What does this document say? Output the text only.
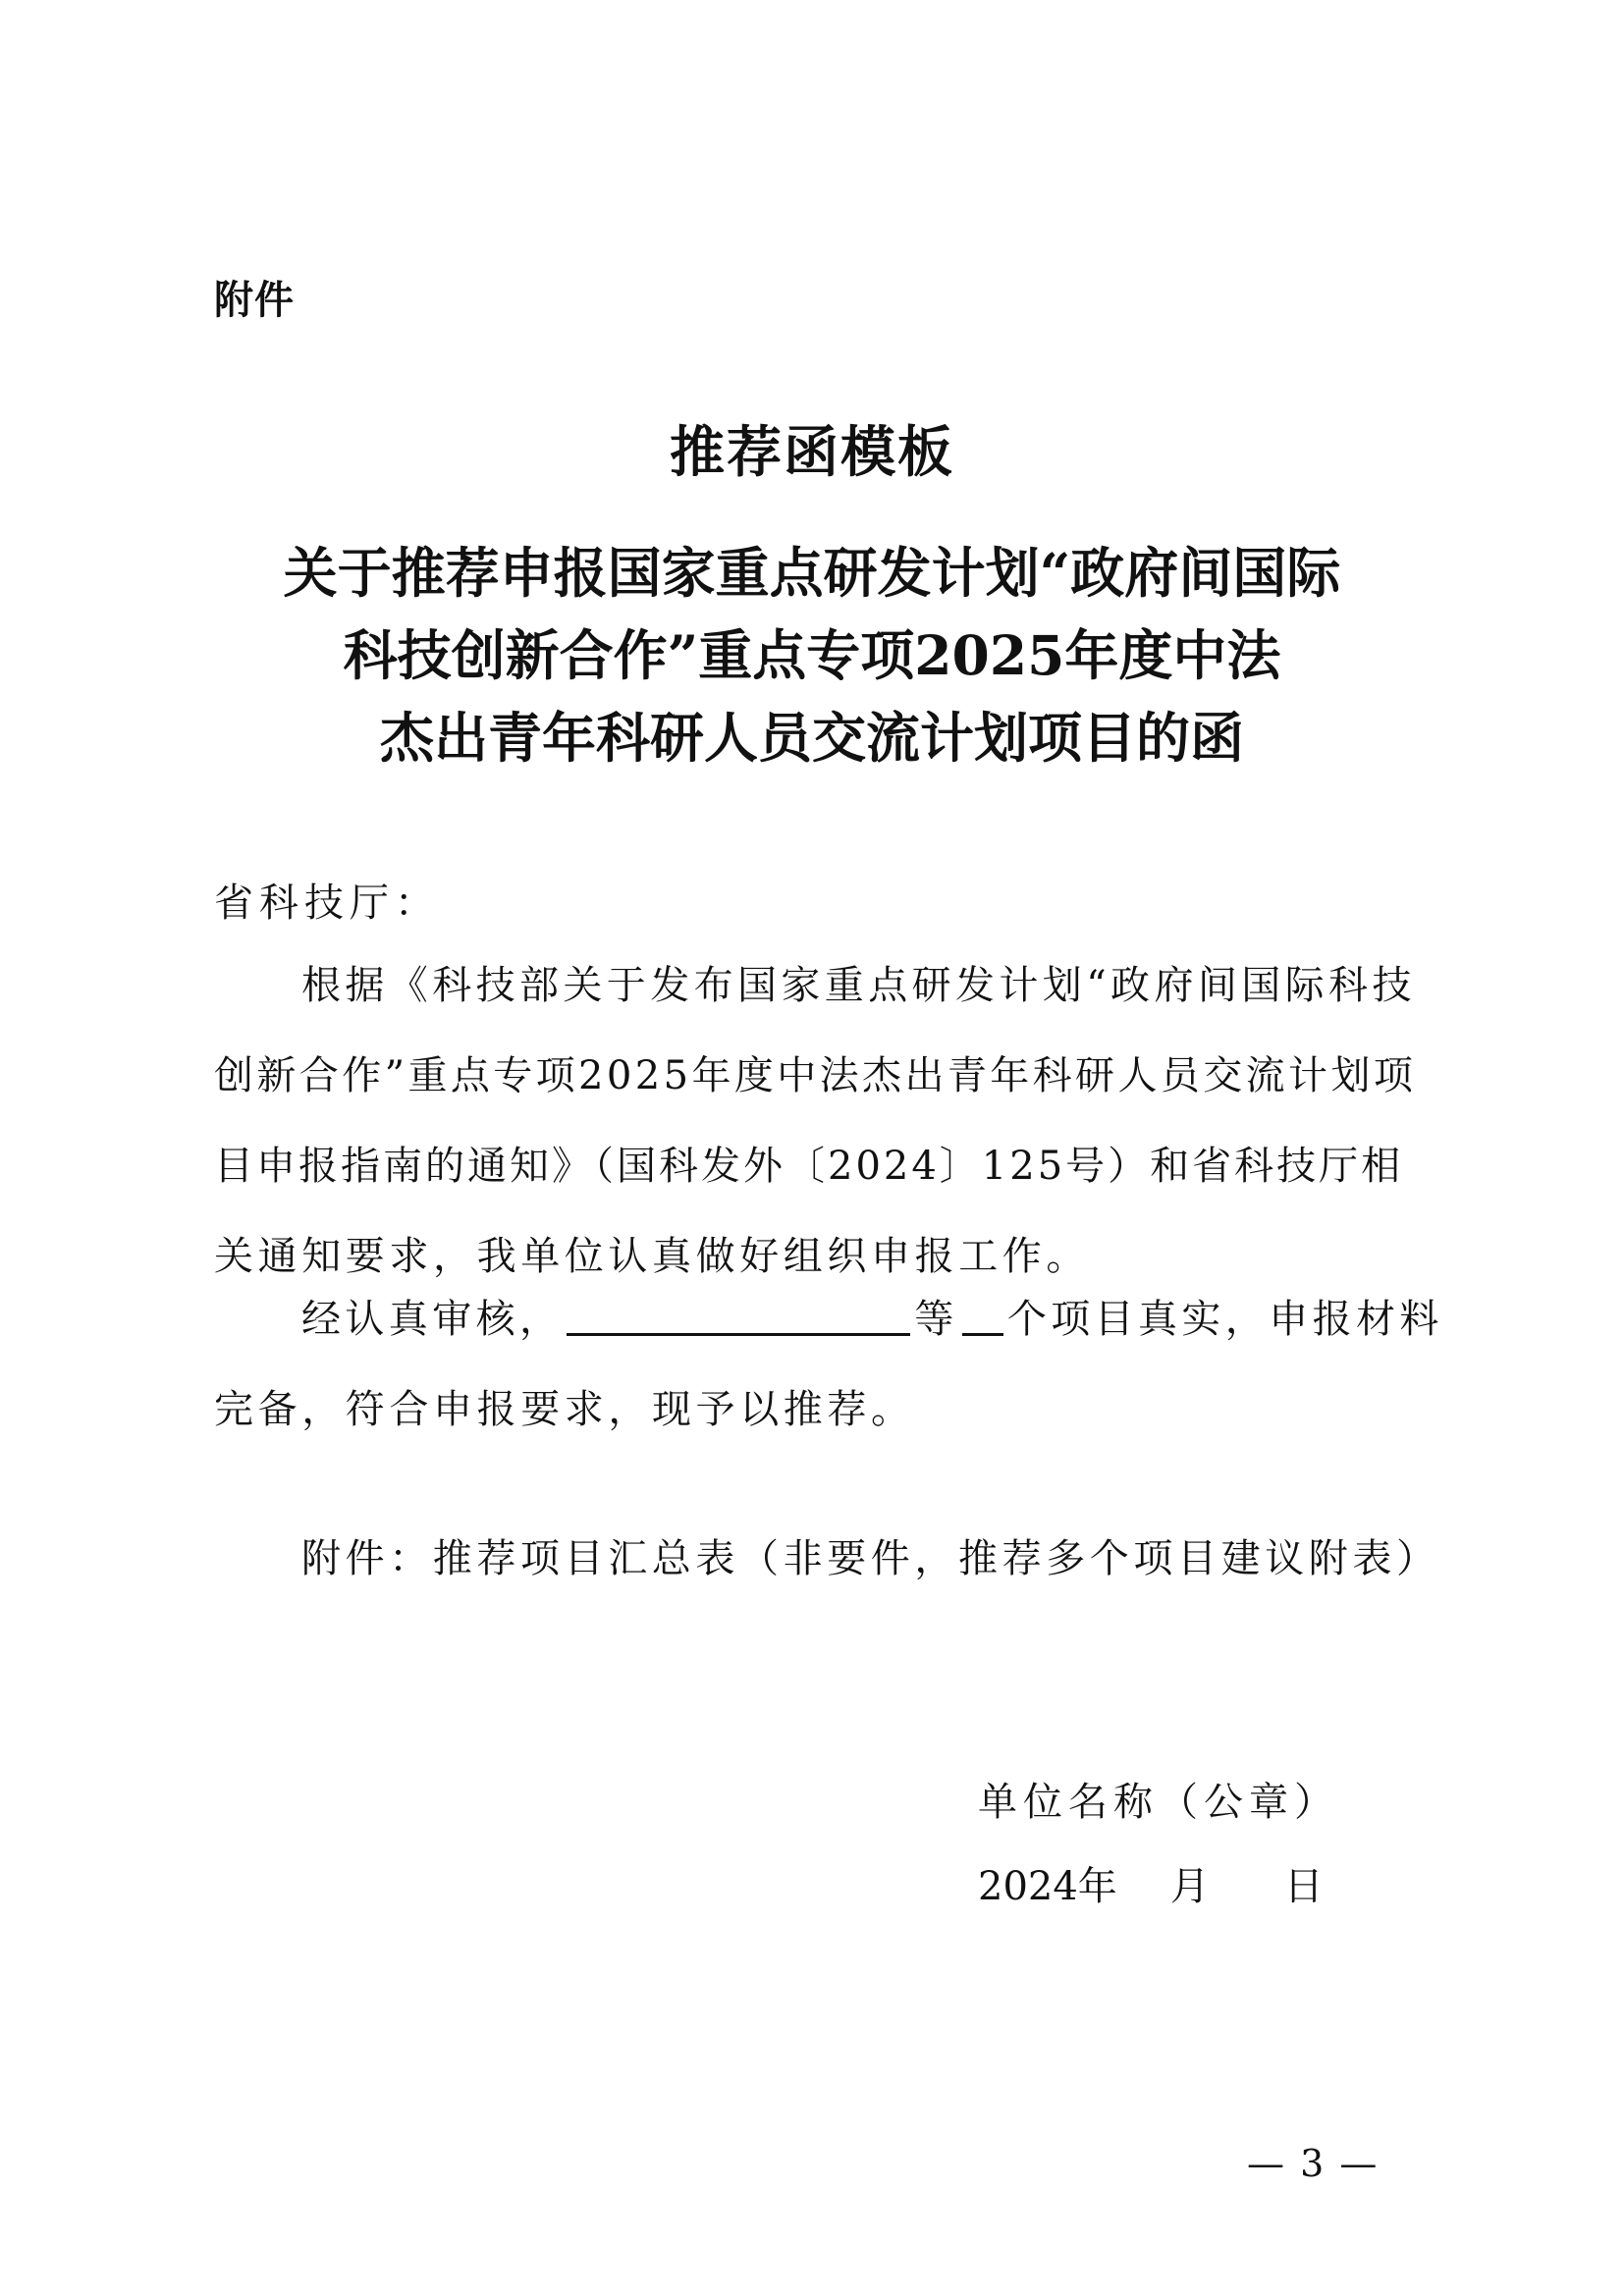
附件
推荐函模板
关于推荐申报国家重点研发计划“政府间国际
科技创新合作”重点专项2025年度中法
杰出青年科研人员交流计划项目的函
省科技厅：
根据《科技部关于发布国家重点研发计划“政府间国际科技
创新合作”重点专项2025年度中法杰出青年科研人员交流计划项
目申报指南的通知》（国科发外〔2024〕125号）和省科技厅相
关通知要求，我单位认真做好组织申报工作。
经认真审核，	等 个项目真实，申报材料
完备，符合申报要求，现予以推荐。
附件：推荐项目汇总表（非要件，推荐多个项目建议附表）
单位名称（公章）
2024年 月 日
— 3 —
